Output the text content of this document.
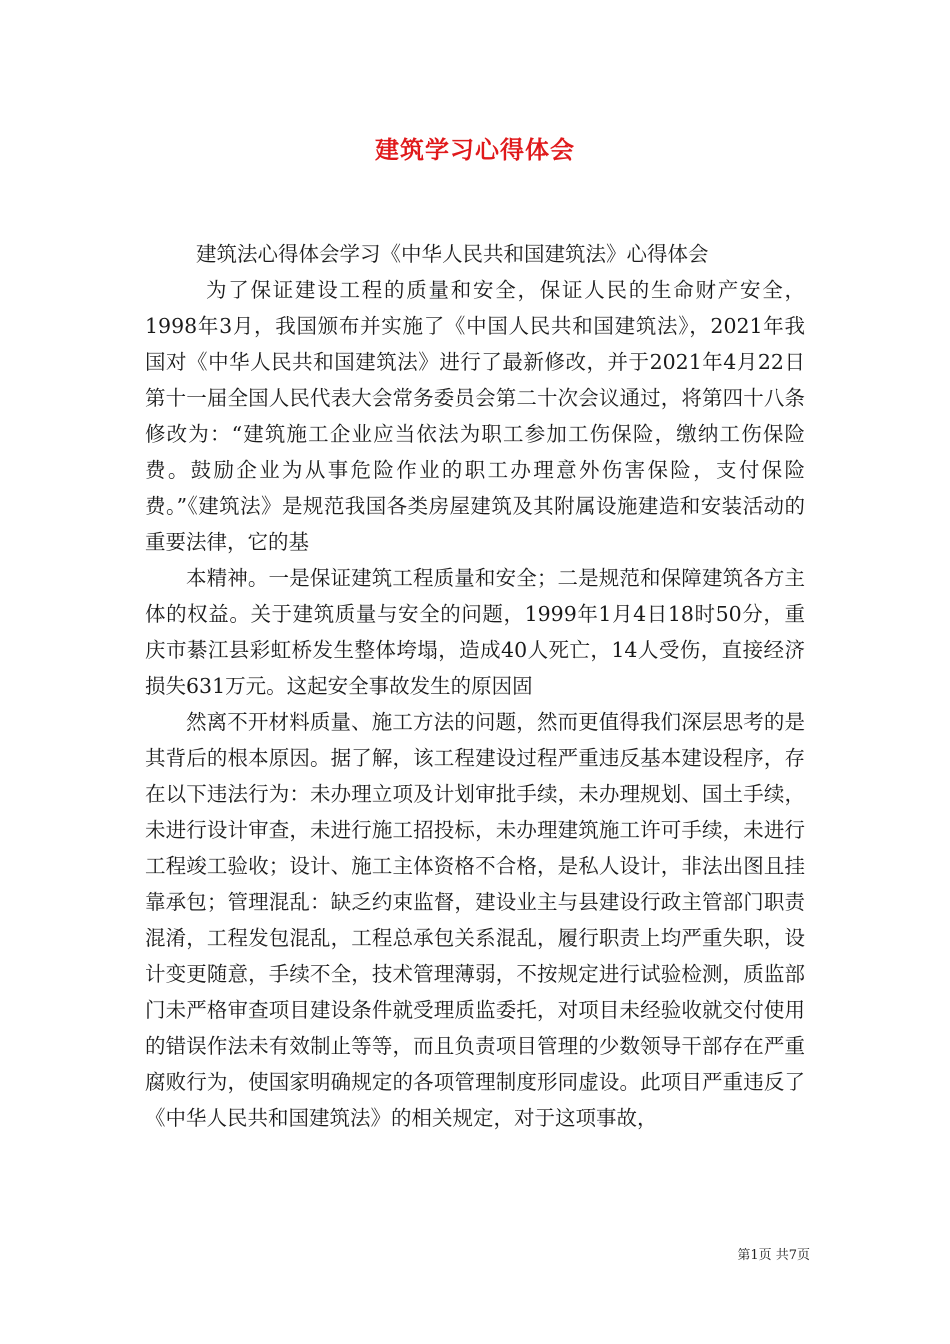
建筑学习心得体会

建筑法心得体会学习《中华人民共和国建筑法》心得体会

为了保证建设工程的质量和安全，保证人民的生命财产安全，1998年3月，我国颁布并实施了《中国人民共和国建筑法》，2021年我国对《中华人民共和国建筑法》进行了最新修改，并于2021年4月22日第十一届全国人民代表大会常务委员会第二十次会议通过，将第四十八条修改为：“建筑施工企业应当依法为职工参加工伤保险，缴纳工伤保险费。鼓励企业为从事危险作业的职工办理意外伤害保险，支付保险费。”《建筑法》是规范我国各类房屋建筑及其附属设施建造和安装活动的重要法律，它的基

本精神。一是保证建筑工程质量和安全；二是规范和保障建筑各方主体的权益。关于建筑质量与安全的问题，1999年1月4日18时50分，重庆市綦江县彩虹桥发生整体垮塌，造成40人死亡，14人受伤，直接经济损失631万元。这起安全事故发生的原因固

然离不开材料质量、施工方法的问题，然而更值得我们深层思考的是其背后的根本原因。据了解，该工程建设过程严重违反基本建设程序，存在以下违法行为：未办理立项及计划审批手续，未办理规划、国土手续，未进行设计审查，未进行施工招投标，未办理建筑施工许可手续，未进行工程竣工验收；设计、施工主体资格不合格，是私人设计，非法出图且挂靠承包；管理混乱：缺乏约束监督，建设业主与县建设行政主管部门职责混淆，工程发包混乱，工程总承包关系混乱，履行职责上均严重失职，设计变更随意，手续不全，技术管理薄弱，不按规定进行试验检测，质监部门未严格审查项目建设条件就受理质监委托，对项目未经验收就交付使用的错误作法未有效制止等等，而且负责项目管理的少数领导干部存在严重腐败行为，使国家明确规定的各项管理制度形同虚设。此项目严重违反了《中华人民共和国建筑法》的相关规定，对于这项事故，

第1页 共7页
